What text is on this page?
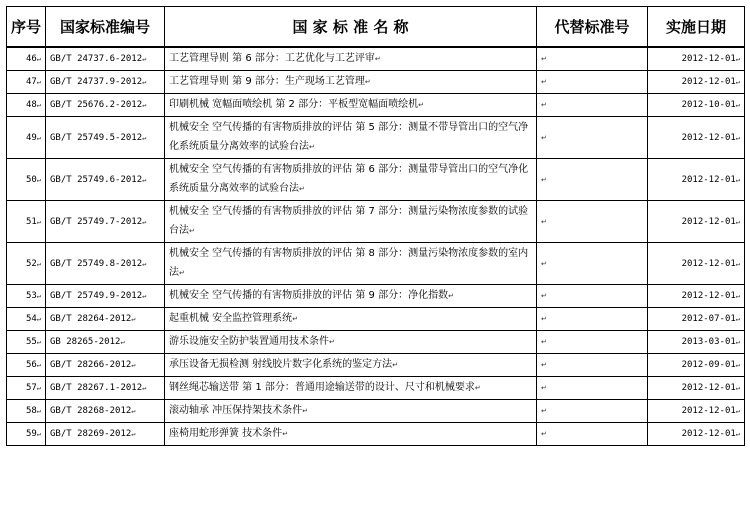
序号	国家标准编号	国 家 标 准 名 称	代替标准号	实施日期
46↵	GB/T 24737.6-2012↵	工艺管理导则 第 6 部分：工艺优化与工艺评审↵	↵	2012-12-01↵
47↵	GB/T 24737.9-2012↵	工艺管理导则 第 9 部分：生产现场工艺管理↵	↵	2012-12-01↵
48↵	GB/T 25676.2-2012↵	印刷机械 宽幅面喷绘机 第 2 部分：平板型宽幅面喷绘机↵	↵	2012-10-01↵
49↵	GB/T 25749.5-2012↵	机械安全 空气传播的有害物质排放的评估 第 5 部分：测量不带导管出口的空气净化系统质量分离效率的试验台法↵	↵	2012-12-01↵
50↵	GB/T 25749.6-2012↵	机械安全 空气传播的有害物质排放的评估 第 6 部分：测量带导管出口的空气净化系统质量分离效率的试验台法↵	↵	2012-12-01↵
51↵	GB/T 25749.7-2012↵	机械安全 空气传播的有害物质排放的评估 第 7 部分：测量污染物浓度参数的试验台法↵	↵	2012-12-01↵
52↵	GB/T 25749.8-2012↵	机械安全 空气传播的有害物质排放的评估 第 8 部分：测量污染物浓度参数的室内法↵	↵	2012-12-01↵
53↵	GB/T 25749.9-2012↵	机械安全 空气传播的有害物质排放的评估 第 9 部分：净化指数↵	↵	2012-12-01↵
54↵	GB/T 28264-2012↵	起重机械 安全监控管理系统↵	↵	2012-07-01↵
55↵	GB 28265-2012↵	游乐设施安全防护装置通用技术条件↵	↵	2013-03-01↵
56↵	GB/T 28266-2012↵	承压设备无损检测 射线胶片数字化系统的鉴定方法↵	↵	2012-09-01↵
57↵	GB/T 28267.1-2012↵	钢丝绳芯输送带 第 1 部分：普通用途输送带的设计、尺寸和机械要求↵	↵	2012-12-01↵
58↵	GB/T 28268-2012↵	滚动轴承 冲压保持架技术条件↵	↵	2012-12-01↵
59↵	GB/T 28269-2012↵	座椅用蛇形弹簧 技术条件↵	↵	2012-12-01↵
